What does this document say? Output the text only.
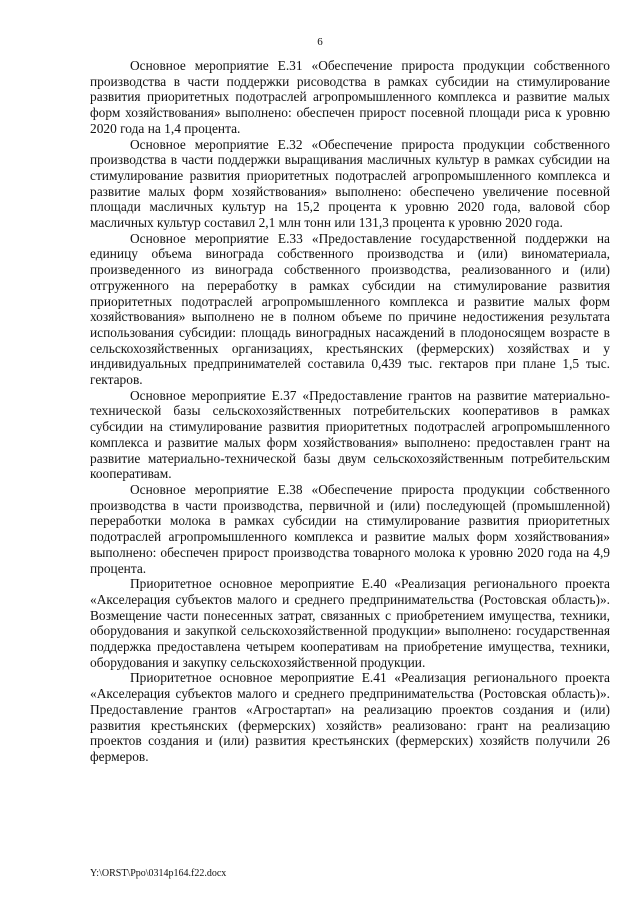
6

Основное мероприятие Е.31 «Обеспечение прироста продукции собственного производства в части поддержки рисоводства в рамках субсидии на стимулирование развития приоритетных подотраслей агропромышленного комплекса и развитие малых форм хозяйствования» выполнено: обеспечен прирост посевной площади риса к уровню 2020 года на 1,4 процента.

Основное мероприятие Е.32 «Обеспечение прироста продукции собственного производства в части поддержки выращивания масличных культур в рамках субсидии на стимулирование развития приоритетных подотраслей агропромышленного комплекса и развитие малых форм хозяйствования» выполнено: обеспечено увеличение посевной площади масличных культур на 15,2 процента к уровню 2020 года, валовой сбор масличных культур составил 2,1 млн тонн или 131,3 процента к уровню 2020 года.

Основное мероприятие Е.33 «Предоставление государственной поддержки на единицу объема винограда собственного производства и (или) виноматериала, произведенного из винограда собственного производства, реализованного и (или) отгруженного на переработку в рамках субсидии на стимулирование развития приоритетных подотраслей агропромышленного комплекса и развитие малых форм хозяйствования» выполнено не в полном объеме по причине недостижения результата использования субсидии: площадь виноградных насаждений в плодоносящем возрасте в сельскохозяйственных организациях, крестьянских (фермерских) хозяйствах и у индивидуальных предпринимателей составила 0,439 тыс. гектаров при плане 1,5 тыс. гектаров.

Основное мероприятие Е.37 «Предоставление грантов на развитие материально-технической базы сельскохозяйственных потребительских кооперативов в рамках субсидии на стимулирование развития приоритетных подотраслей агропромышленного комплекса и развитие малых форм хозяйствования» выполнено: предоставлен грант на развитие материально-технической базы двум сельскохозяйственным потребительским кооперативам.

Основное мероприятие Е.38 «Обеспечение прироста продукции собственного производства в части производства, первичной и (или) последующей (промышленной) переработки молока в рамках субсидии на стимулирование развития приоритетных подотраслей агропромышленного комплекса и развитие малых форм хозяйствования» выполнено: обеспечен прирост производства товарного молока к уровню 2020 года на 4,9 процента.

Приоритетное основное мероприятие Е.40 «Реализация регионального проекта «Акселерация субъектов малого и среднего предпринимательства (Ростовская область)». Возмещение части понесенных затрат, связанных с приобретением имущества, техники, оборудования и закупкой сельскохозяйственной продукции» выполнено: государственная поддержка предоставлена четырем кооперативам на приобретение имущества, техники, оборудования и закупку сельскохозяйственной продукции.

Приоритетное основное мероприятие Е.41 «Реализация регионального проекта «Акселерация субъектов малого и среднего предпринимательства (Ростовская область)». Предоставление грантов «Агростартап» на реализацию проектов создания и (или) развития крестьянских (фермерских) хозяйств» реализовано: грант на реализацию проектов создания и (или) развития крестьянских (фермерских) хозяйств получили 26 фермеров.

Y:\ORST\Ppo\0314p164.f22.docx
